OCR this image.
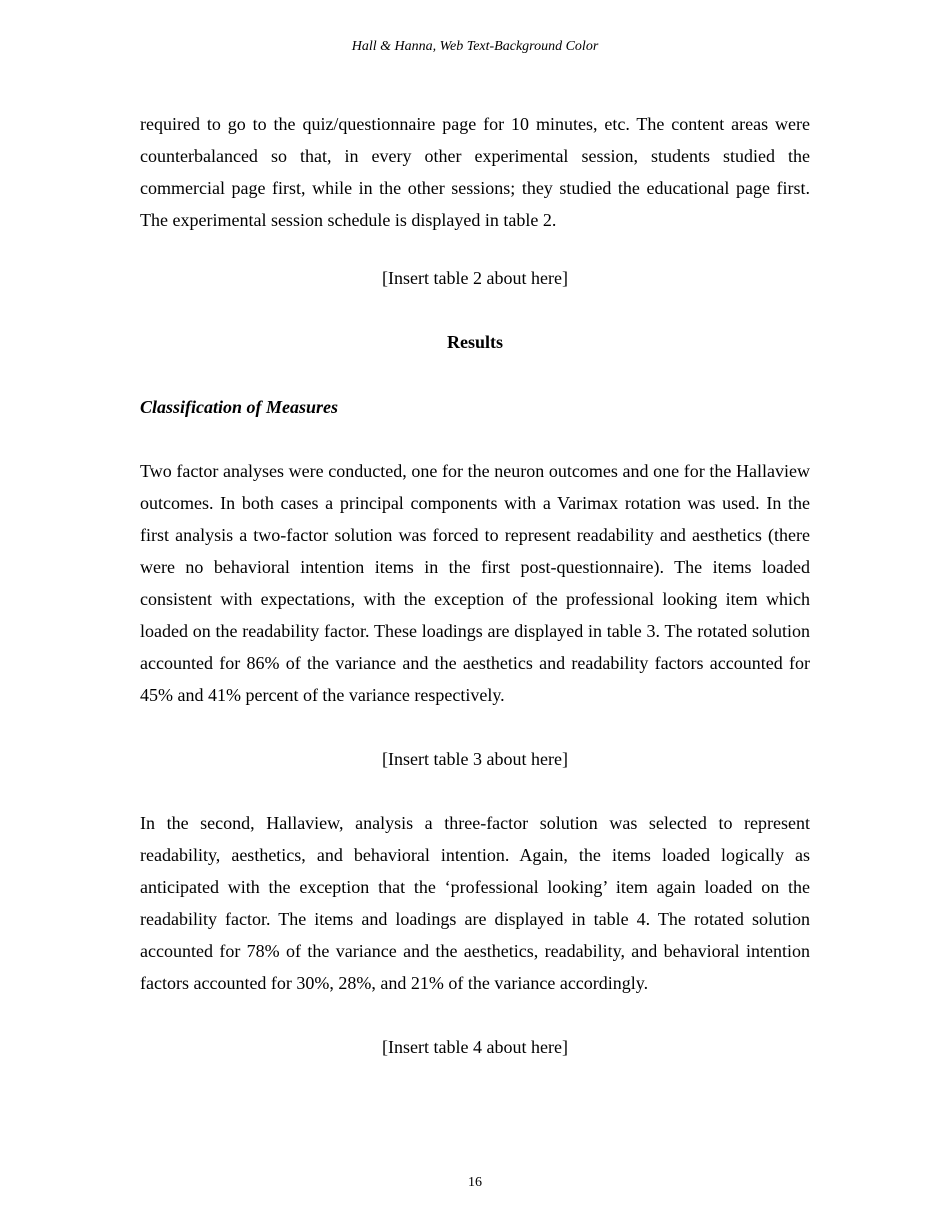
Hall & Hanna, Web Text-Background Color

required to go to the quiz/questionnaire page for 10 minutes, etc. The content areas were counterbalanced so that, in every other experimental session, students studied the commercial page first, while in the other sessions; they studied the educational page first. The experimental session schedule is displayed in table 2.

[Insert table 2 about here]

Results

Classification of Measures

Two factor analyses were conducted, one for the neuron outcomes and one for the Hallaview outcomes. In both cases a principal components with a Varimax rotation was used. In the first analysis a two-factor solution was forced to represent readability and aesthetics (there were no behavioral intention items in the first post-questionnaire). The items loaded consistent with expectations, with the exception of the professional looking item which loaded on the readability factor. These loadings are displayed in table 3. The rotated solution accounted for 86% of the variance and the aesthetics and readability factors accounted for 45% and 41% percent of the variance respectively.

[Insert table 3 about here]

In the second, Hallaview, analysis a three-factor solution was selected to represent readability, aesthetics, and behavioral intention. Again, the items loaded logically as anticipated with the exception that the ‘professional looking’ item again loaded on the readability factor. The items and loadings are displayed in table 4. The rotated solution accounted for 78% of the variance and the aesthetics, readability, and behavioral intention factors accounted for 30%, 28%, and 21% of the variance accordingly.

[Insert table 4 about here]

16
